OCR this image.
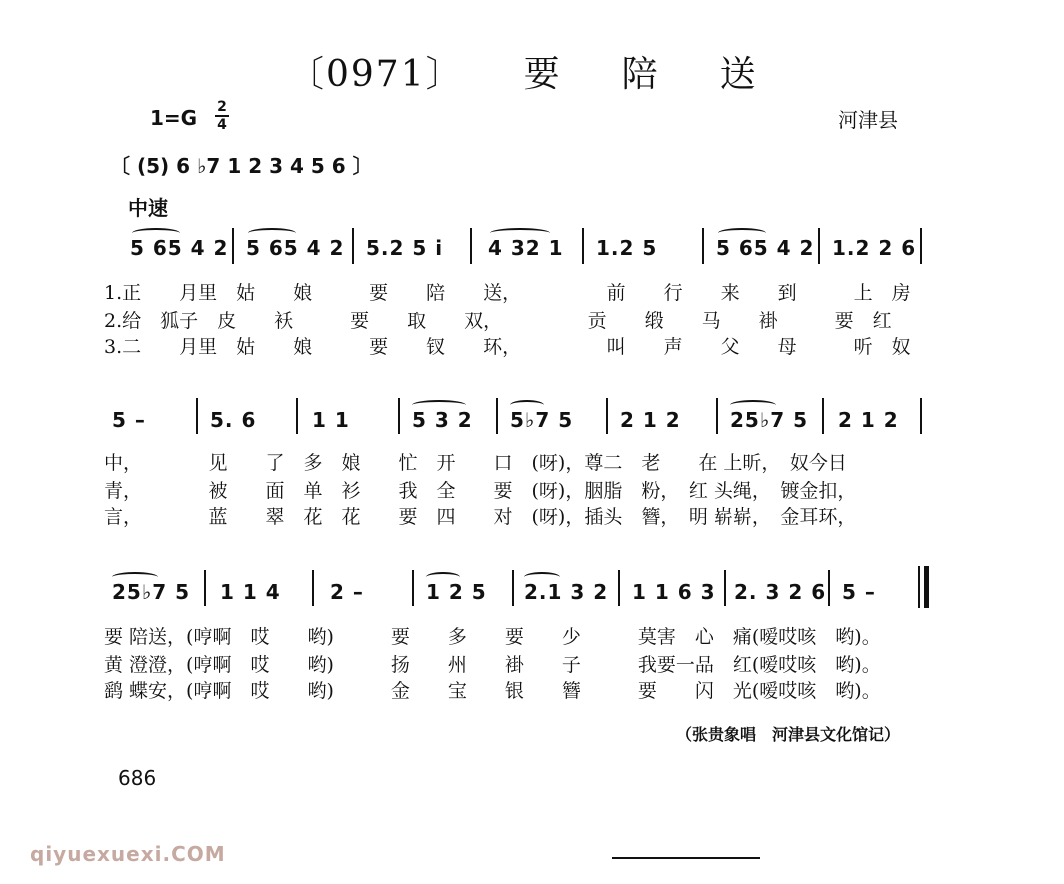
〔0971〕 要 陪 送
1=G 2
4	河津县
〔 (5) 6 ♭7 1 2 3 4 5 6 〕
中速
5 65 4 2 5 65 4 2 5.2 5 i 4 32 1 1.2 5	5 65 4 2 1.2 2 6
1.正　　月里　姑　　娘　　　要　　陪　　送，　　　　　前　　行　　来　　到　　　上　房
2.给　狐子　皮　　袄　　　要　　取　　双，　　　　　贡　　缎　　马　　褂　　　要　红
3.二　　月里　姑　　娘　　　要　　钗　　环，　　　　　叫　　声　　父　　母　　　听　奴
5 –	5. 6	1 1	5 3 2 5♭7 5 2 1 2 25♭7 5 2 1 2
中，　　　　见　　了　多　娘　　忙　开　　口　(呀)，尊二　老　　在 上昕，　奴今日
青，　　　　被　　面　单　衫　　我　全　　要　(呀)，胭脂　粉，　红 头绳，　镀金扣，
言，　　　　蓝　　翠　花　花　　要　四　　对　(呀)，插头　簪，　明 崭崭，　金耳环，
25♭7 5 1 1 4 2 –	1 2 5 2.1 3 2 1 1 6 3 2. 3 2 6 5 –
要 陪送，(哼啊　哎　　哟)　　　要　　多　　要　　少　　　莫害　心　痛(嗳哎咳　哟)。
黄 澄澄，(哼啊　哎　　哟)　　　扬　　州　　褂　　子　　　我要一品　红(嗳哎咳　哟)。
鹞 蝶安，(哼啊　哎　　哟)　　　金　　宝　　银　　簪　　　要　　闪　光(嗳哎咳　哟)。
（张贵象唱　河津县文化馆记）
686
qiyuexuexi.COM
